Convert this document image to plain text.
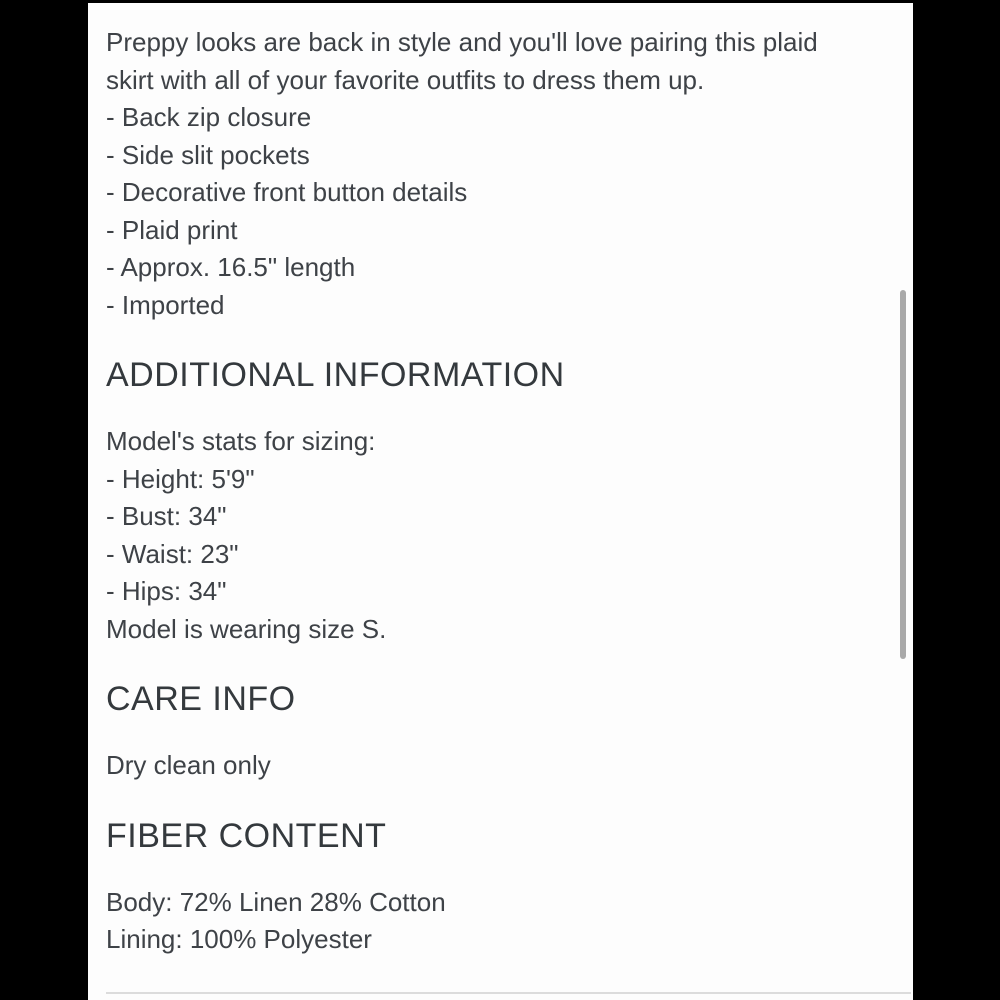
Preppy looks are back in style and you'll love pairing this plaid skirt with all of your favorite outfits to dress them up.

- Back zip closure
- Side slit pockets
- Decorative front button details
- Plaid print
- Approx. 16.5" length
- Imported
ADDITIONAL INFORMATION
Model's stats for sizing:
- Height: 5'9"
- Bust: 34"
- Waist: 23"
- Hips: 34"
Model is wearing size S.
CARE INFO
Dry clean only
FIBER CONTENT
Body: 72% Linen 28% Cotton
Lining: 100% Polyester
